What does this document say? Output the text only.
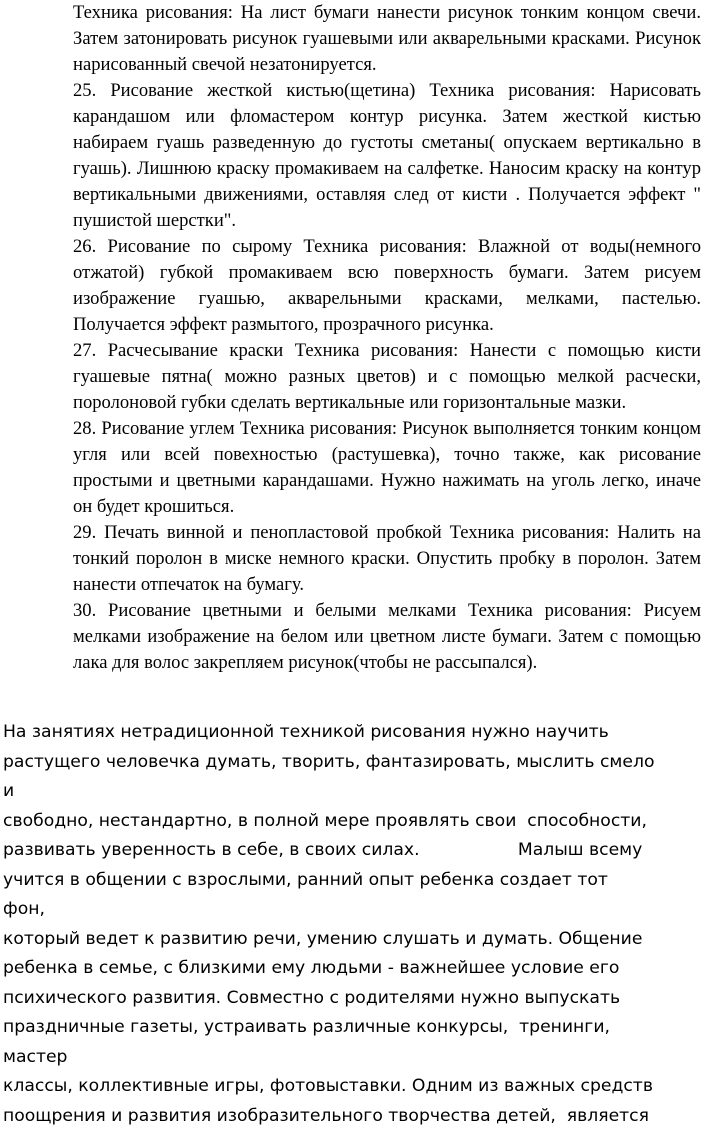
Техника рисования: На лист бумаги нанести рисунок тонким концом свечи. Затем затонировать рисунок гуашевыми или акварельными красками. Рисунок нарисованный свечой незатонируется.

25. Рисование жесткой кистью(щетина) Техника рисования: Нарисовать карандашом или фломастером контур рисунка. Затем жесткой кистью набираем гуашь разведенную до густоты сметаны( опускаем вертикально в гуашь). Лишнюю краску промакиваем на салфетке. Наносим краску на контур вертикальными движениями, оставляя след от кисти . Получается эффект " пушистой шерстки".

26. Рисование по сырому Техника рисования: Влажной от воды(немного отжатой) губкой промакиваем всю поверхность бумаги. Затем рисуем изображение гуашью, акварельными красками, мелками, пастелью. Получается эффект размытого, прозрачного рисунка.

27. Расчесывание краски Техника рисования: Нанести с помощью кисти гуашевые пятна( можно разных цветов) и с помощью мелкой расчески, поролоновой губки сделать вертикальные или горизонтальные мазки.

28. Рисование углем Техника рисования: Рисунок выполняется тонким концом угля или всей повехностью (растушевка), точно также, как рисование простыми и цветными карандашами. Нужно нажимать на уголь легко, иначе он будет крошиться.

29. Печать винной и пенопластовой пробкой Техника рисования: Налить на тонкий поролон в миске немного краски. Опустить пробку в поролон. Затем нанести отпечаток на бумагу.

30. Рисование цветными и белыми мелками Техника рисования: Рисуем мелками изображение на белом или цветном листе бумаги. Затем с помощью лака для волос закрепляем рисунок(чтобы не рассыпался).

На занятиях нетрадиционной техникой рисования нужно научить

растущего человечка думать, творить, фантазировать, мыслить смело и

свободно, нестандартно, в полной мере проявлять свои  способности,

развивать уверенность в себе, в своих силах.                  Малыш всему

учится в общении с взрослыми, ранний опыт ребенка создает тот фон,

который ведет к развитию речи, умению слушать и думать. Общение

ребенка в семье, с близкими ему людьми - важнейшее условие его

психического развития. Совместно с родителями нужно выпускать

праздничные газеты, устраивать различные конкурсы,  тренинги, мастер

классы, коллективные игры, фотовыставки. Одним из важных средств

поощрения и развития изобразительного творчества детей,  является
